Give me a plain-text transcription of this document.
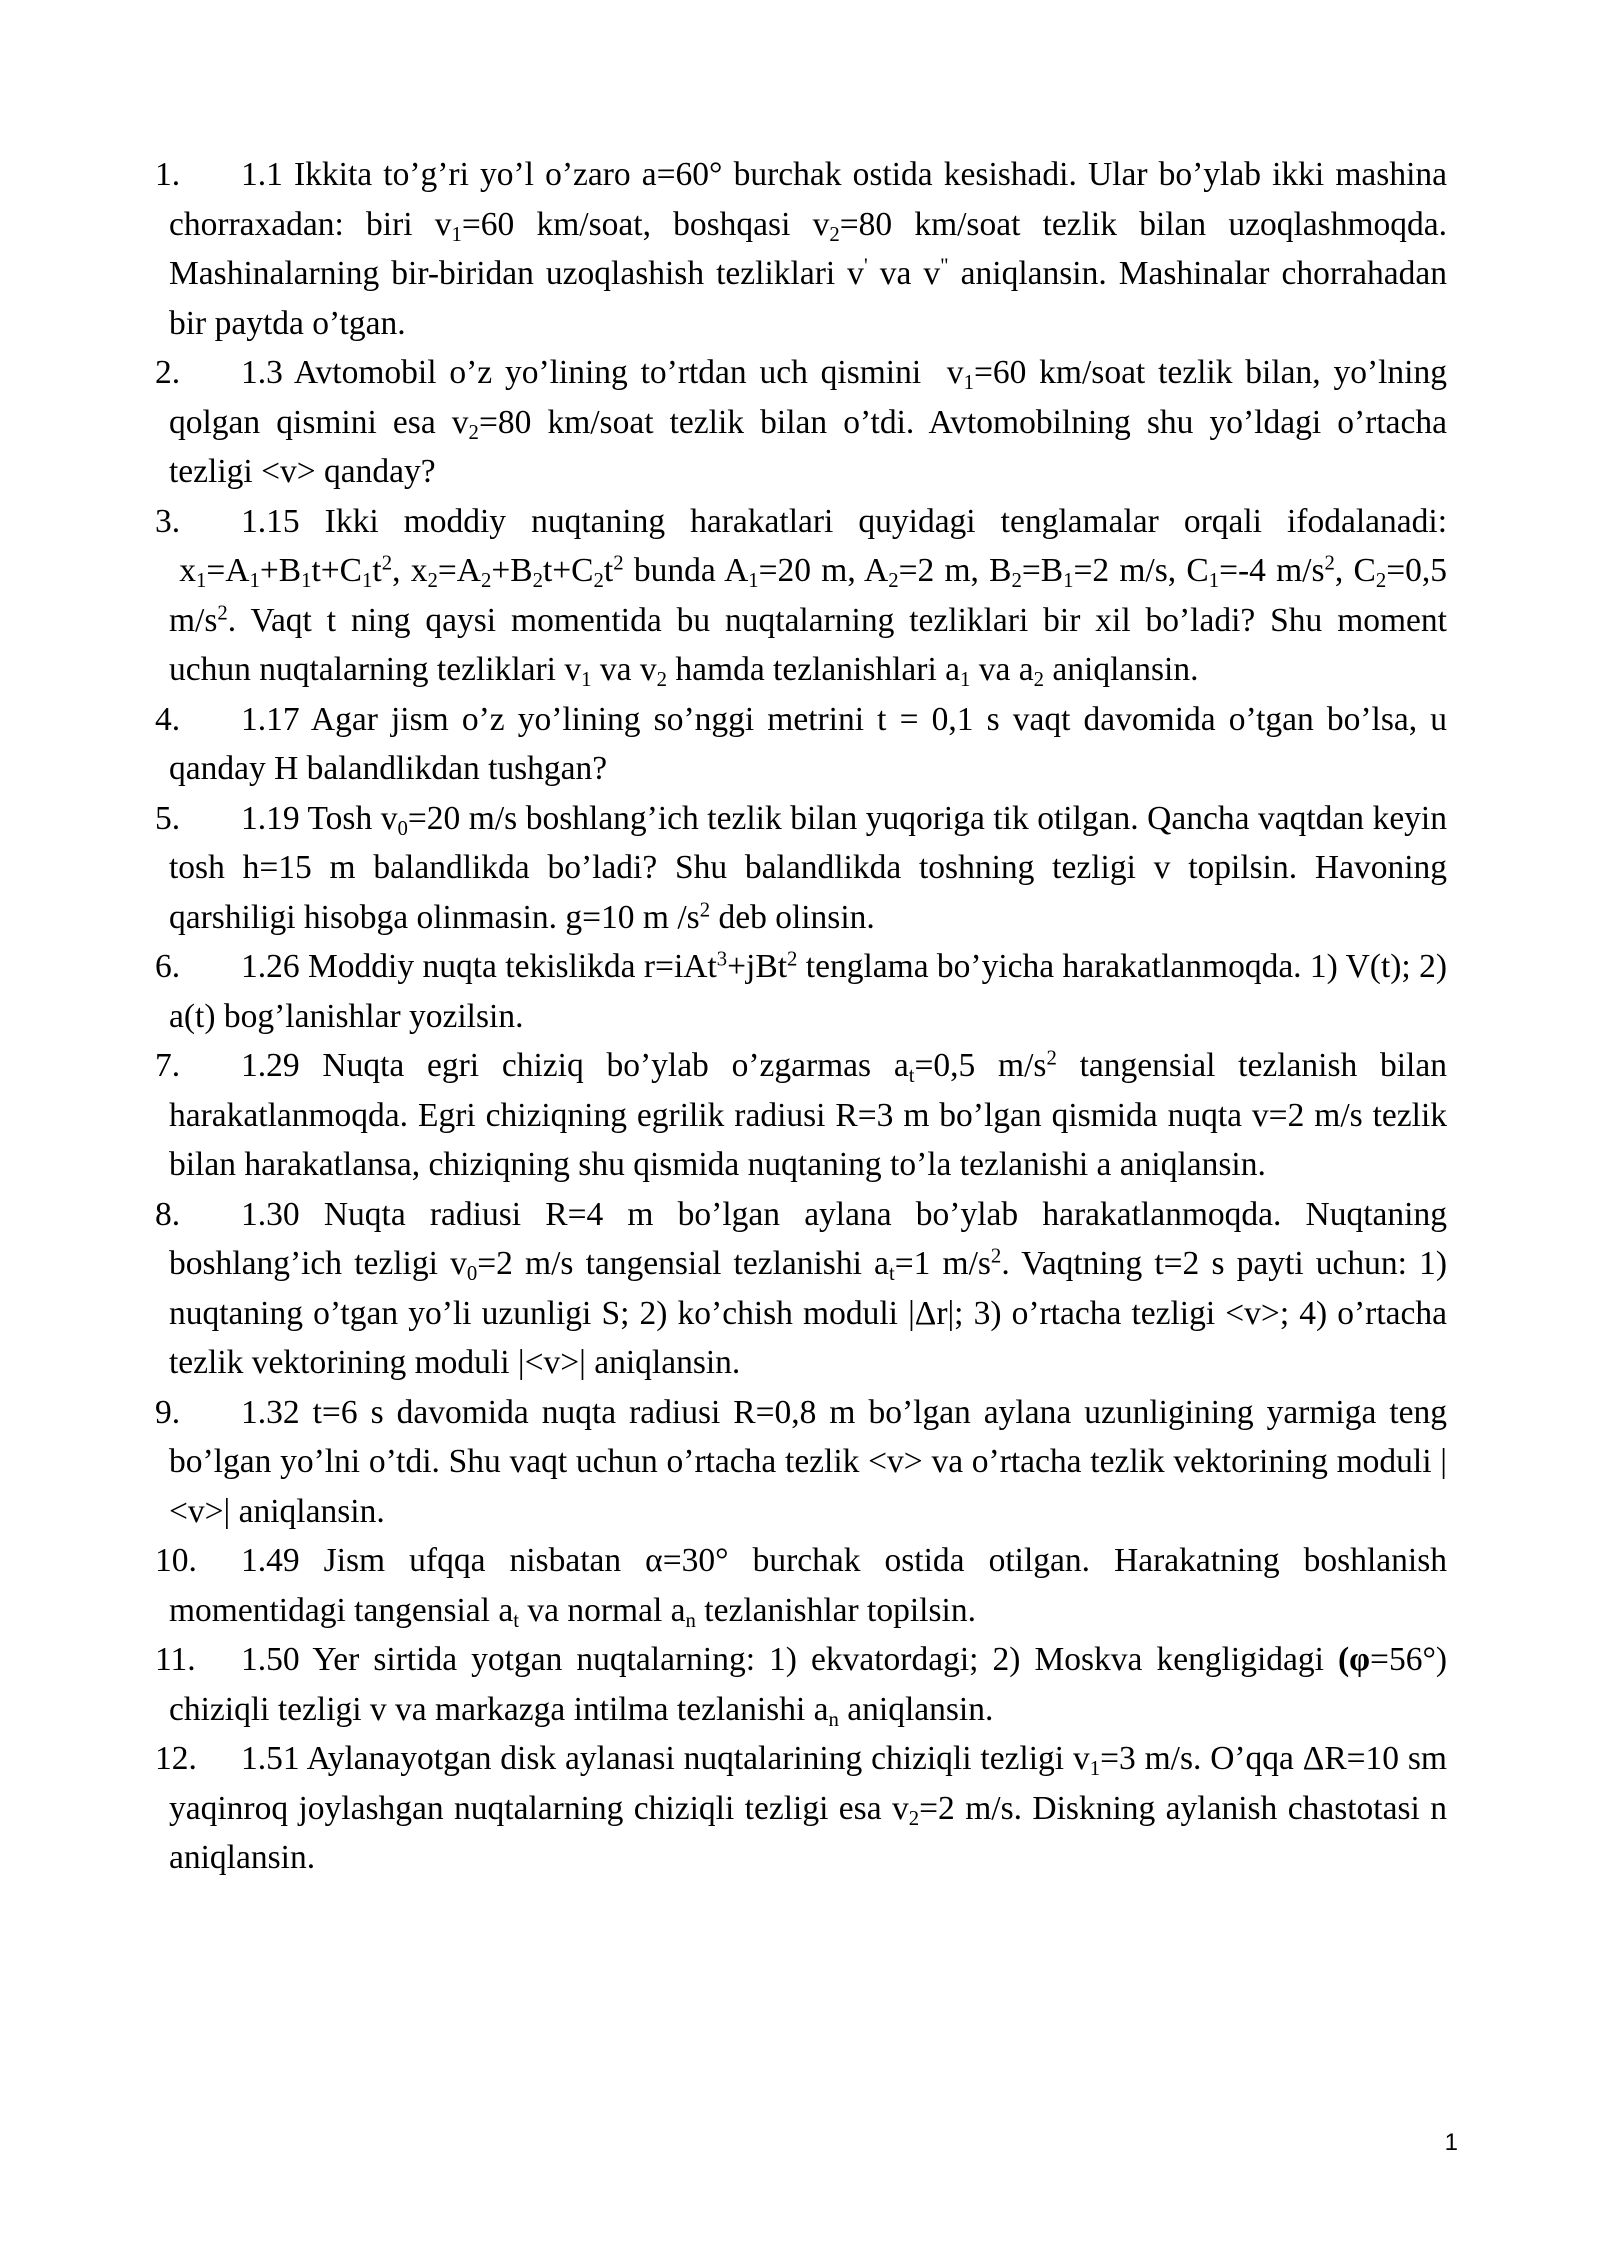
1.	1.1 Ikkita to’g’ri yo’l o’zaro a=60° burchak ostida kesishadi. Ular bo’ylab ikki mashina chorraxadan: biri $v_1=60$ km/soat, boshqasi $v_2=80$ km/soat tezlik bilan uzoqlashmoqda. Mashinalarning bir-biridan uzoqlashish tezliklari v' va v" aniqlansin. Mashinalar chorrahadan bir paytda o’tgan.
2.	1.3 Avtomobil o’z yo’lining to’rtdan uch qismini  $v_1=60$ km/soat tezlik bilan, yo’lning qolgan qismini esa $v_2=80$ km/soat tezlik bilan o’tdi. Avtomobilning shu yo’ldagi o’rtacha tezligi <v> qanday?
3.	1.15 Ikki moddiy nuqtaning harakatlari quyidagi tenglamalar orqali ifodalanadi:  $x_1=A_1+B_1t+C_1t^2$, $x_2=A_2+B_2t+C_2t^2$ bunda $A_1=20$ m, $A_2=2$ m, $B_2=B_1=2$ m/s, $C_1=-4$ $m/s^2$, $C_2=0,5$ $m/s^2$. Vaqt t ning qaysi momentida bu nuqtalarning tezliklari bir xil bo’ladi? Shu moment uchun nuqtalarning tezliklari $v_1$ va $v_2$ hamda tezlanishlari $a_1$ va $a_2$ aniqlansin.
4.	1.17 Agar jism o’z yo’lining so’nggi metrini t = 0,1 s vaqt davomida o’tgan bo’lsa, u qanday H balandlikdan tushgan?
5.	1.19 Tosh $v_0=20$ m/s boshlang’ich tezlik bilan yuqoriga tik otilgan. Qancha vaqtdan keyin tosh h=15 m balandlikda bo’ladi? Shu balandlikda toshning tezligi v topilsin. Havoning qarshiligi hisobga olinmasin. g=10 m $/s^2$ deb olinsin.
6.	1.26 Moddiy nuqta tekislikda r=iAt$^3$+jBt$^2$ tenglama bo’yicha harakatlanmoqda. 1) V(t); 2) a(t) bog’lanishlar yozilsin.
7.	1.29 Nuqta egri chiziq bo’ylab o’zgarmas $a_t=0,5$ $m/s^2$ tangensial tezlanish bilan harakatlanmoqda. Egri chiziqning egrilik radiusi R=3 m bo’lgan qismida nuqta v=2 m/s tezlik bilan harakatlansa, chiziqning shu qismida nuqtaning to’la tezlanishi a aniqlansin.
8.	1.30 Nuqta radiusi R=4 m bo’lgan aylana bo’ylab harakatlanmoqda. Nuqtaning boshlang’ich tezligi $v_0=2$ m/s tangensial tezlanishi $a_t=1$ $m/s^2$. Vaqtning t=2 s payti uchun: 1) nuqtaning o’tgan yo’li uzunligi S; 2) ko’chish moduli |Δr|; 3) o’rtacha tezligi <v>; 4) o’rtacha tezlik vektorining moduli |<v>| aniqlansin.
9.	1.32 t=6 s davomida nuqta radiusi R=0,8 m bo’lgan aylana uzunligining yarmiga teng bo’lgan yo’lni o’tdi. Shu vaqt uchun o’rtacha tezlik <v> va o’rtacha tezlik vektorining moduli |<v>| aniqlansin.
10.	1.49 Jism ufqqa nisbatan α=30° burchak ostida otilgan. Harakatning boshlanish momentidagi tangensial $a_t$ va normal $a_n$ tezlanishlar topilsin.
11.	1.50 Yer sirtida yotgan nuqtalarning: 1) ekvatordagi; 2) Moskva kengligidagi (φ=56°) chiziqli tezligi v va markazga intilma tezlanishi $a_n$ aniqlansin.
12.	1.51 Aylanayotgan disk aylanasi nuqtalarining chiziqli tezligi $v_1=3$ m/s. O’qqa ΔR=10 sm yaqinroq joylashgan nuqtalarning chiziqli tezligi esa $v_2=2$ m/s. Diskning aylanish chastotasi n aniqlansin.
1
